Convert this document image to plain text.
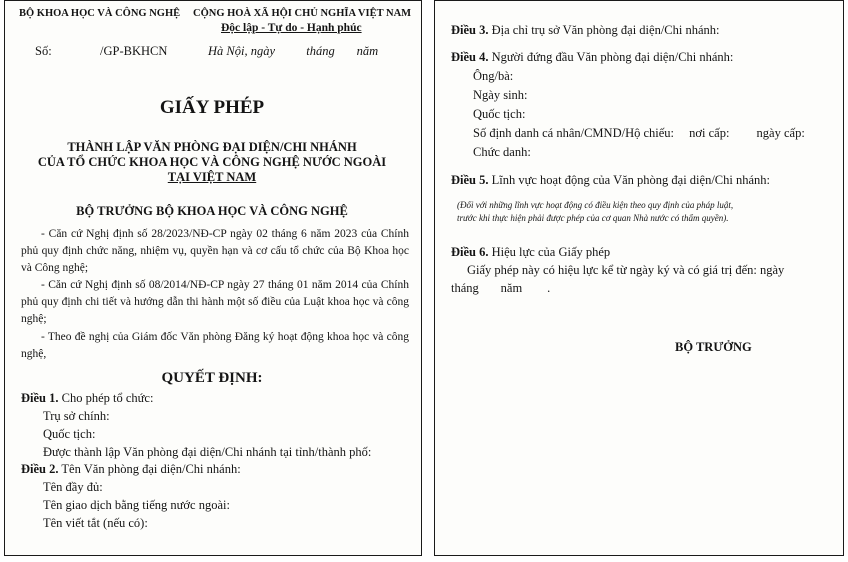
BỘ KHOA HỌC VÀ CÔNG NGHỆ CỘNG HOÀ XÃ HỘI CHỦ NGHĨA VIỆT NAM
Độc lập - Tự do - Hạnh phúc
Số:	/GP-BKHCN	Hà Nội, ngày          tháng       năm
GIẤY PHÉP
THÀNH LẬP VĂN PHÒNG ĐẠI DIỆN/CHI NHÁNH
CỦA TỔ CHỨC KHOA HỌC VÀ CÔNG NGHỆ NƯỚC NGOÀI
TẠI VIỆT NAM
BỘ TRƯỞNG BỘ KHOA HỌC VÀ CÔNG NGHỆ
- Căn cứ Nghị định số 28/2023/NĐ-CP ngày 02 tháng 6 năm 2023 của Chính phủ quy định chức năng, nhiệm vụ, quyền hạn và cơ cấu tổ chức của Bộ Khoa học và Công nghệ;
- Căn cứ Nghị định số 08/2014/NĐ-CP ngày 27 tháng 01 năm 2014 của Chính phủ quy định chi tiết và hướng dẫn thi hành một số điều của Luật khoa học và công nghệ;
- Theo đề nghị của Giám đốc Văn phòng Đăng ký hoạt động khoa học và công nghệ,
QUYẾT ĐỊNH:
Điều 1. Cho phép tổ chức:
Trụ sở chính:
Quốc tịch:
Được thành lập Văn phòng đại diện/Chi nhánh tại tỉnh/thành phố:
Điều 2. Tên Văn phòng đại diện/Chi nhánh:
Tên đầy đủ:
Tên giao dịch bằng tiếng nước ngoài:
Tên viết tắt (nếu có):
Điều 3. Địa chỉ trụ sở Văn phòng đại diện/Chi nhánh:
Điều 4. Người đứng đầu Văn phòng đại diện/Chi nhánh:
Ông/bà:
Ngày sinh:
Quốc tịch:
Số định danh cá nhân/CMND/Hộ chiếu: nơi cấp: ngày cấp:
Chức danh:
Điều 5. Lĩnh vực hoạt động của Văn phòng đại diện/Chi nhánh:
(Đối với những lĩnh vực hoạt động có điều kiện theo quy định của pháp luật,
trước khi thực hiện phải được phép của cơ quan Nhà nước có thẩm quyền).
Điều 6. Hiệu lực của Giấy phép
Giấy phép này có hiệu lực kể từ ngày ký và có giá trị đến: ngày
tháng       năm        .
BỘ TRƯỞNG
